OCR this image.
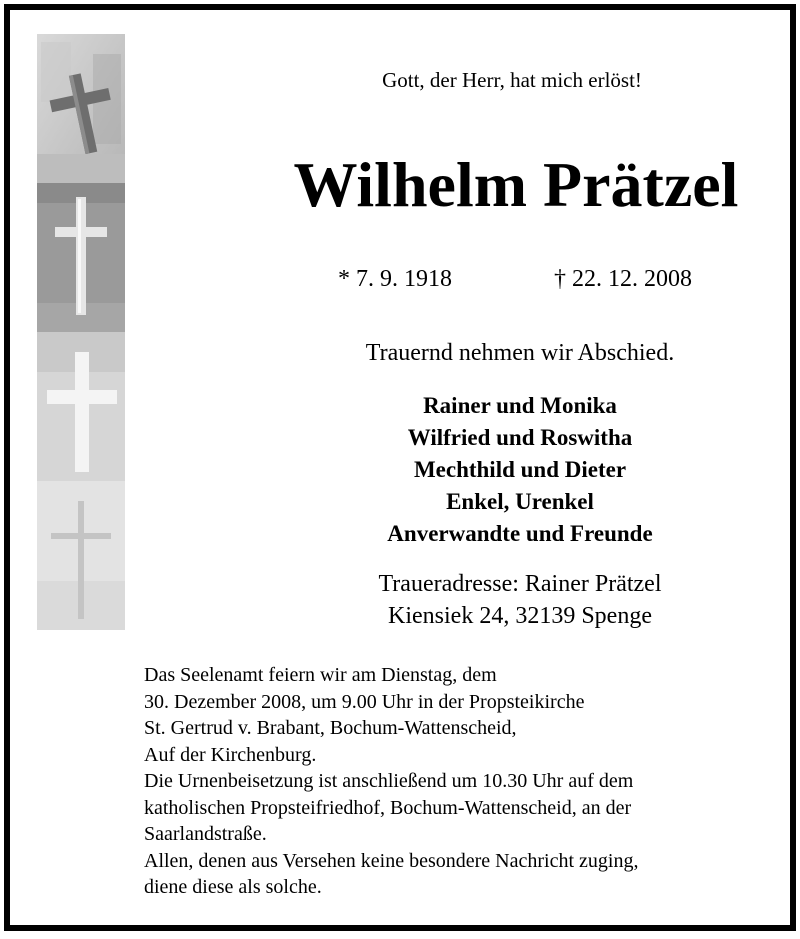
Gott, der Herr, hat mich erlöst!
Wilhelm Prätzel
* 7. 9. 1918	† 22. 12. 2008
Trauernd nehmen wir Abschied.
Rainer und Monika
Wilfried und Roswitha
Mechthild und Dieter
Enkel, Urenkel
Anverwandte und Freunde
Traueradresse: Rainer Prätzel
Kiensiek 24, 32139 Spenge
Das Seelenamt feiern wir am Dienstag, dem
30. Dezember 2008, um 9.00 Uhr in der Propsteikirche
St. Gertrud v. Brabant, Bochum-Wattenscheid,
Auf der Kirchenburg.
Die Urnenbeisetzung ist anschließend um 10.30 Uhr auf dem
katholischen Propsteifriedhof, Bochum-Wattenscheid, an der
Saarlandstraße.
Allen, denen aus Versehen keine besondere Nachricht zuging,
diene diese als solche.
